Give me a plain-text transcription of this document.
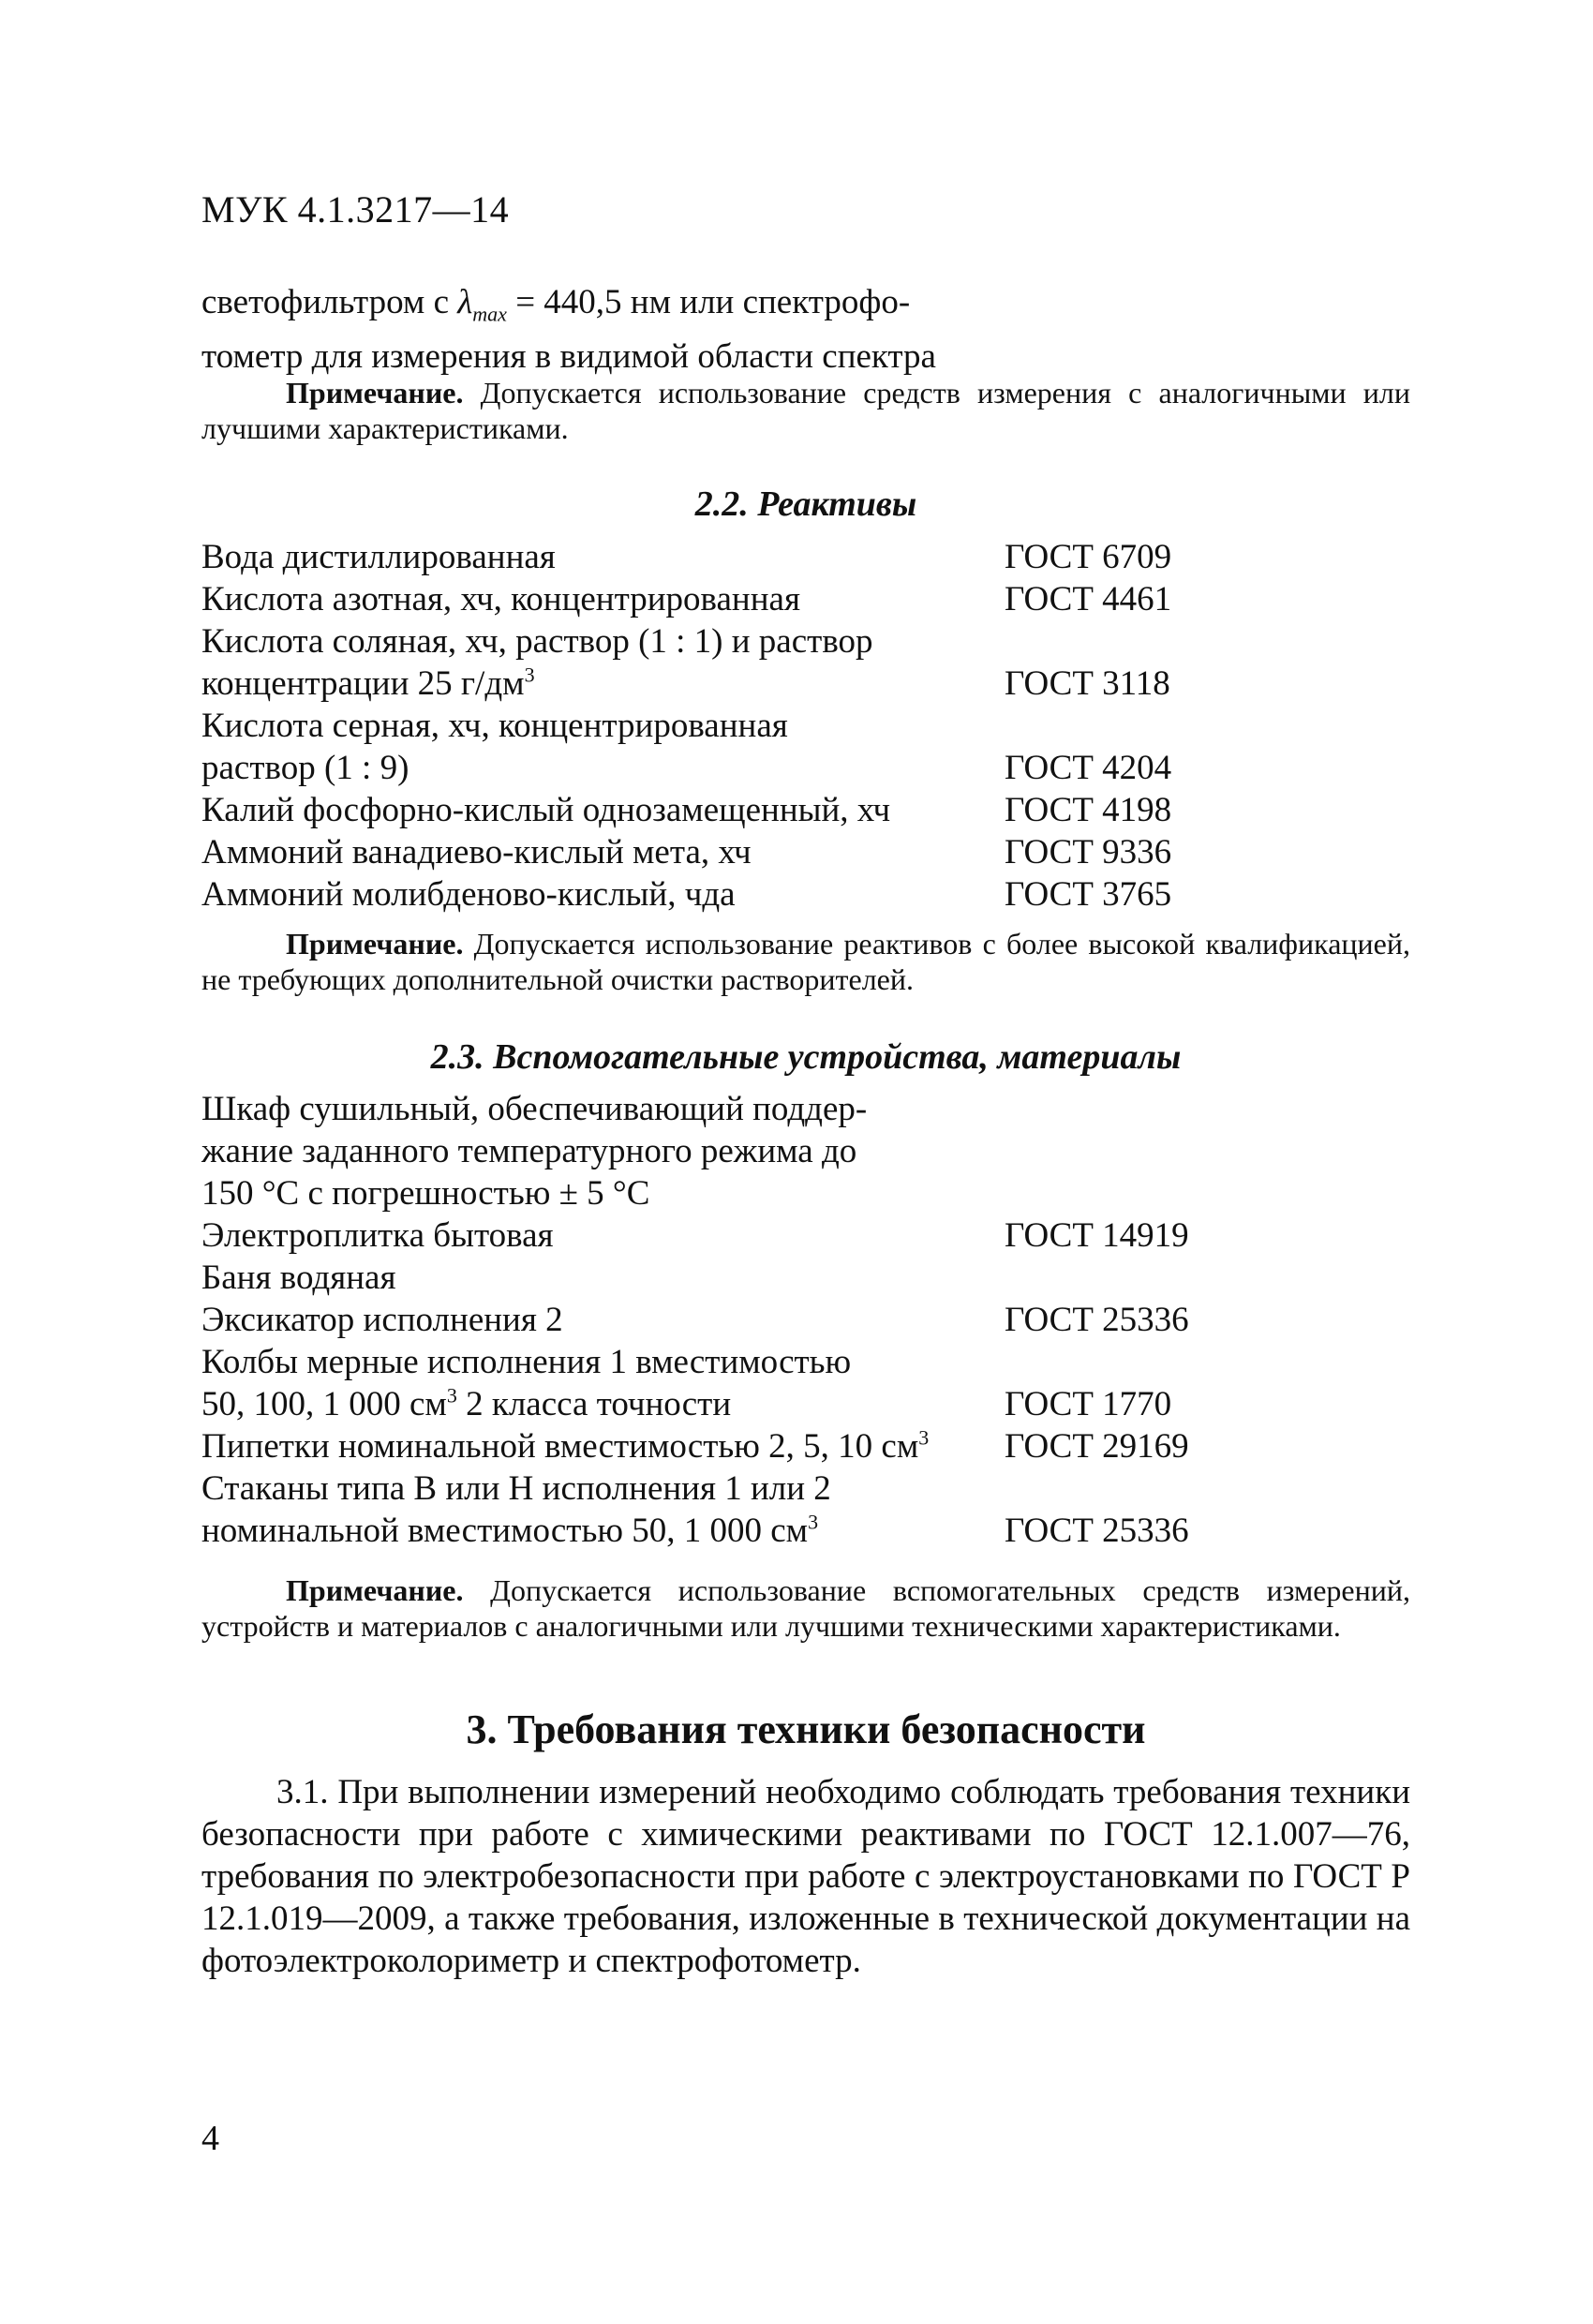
МУК 4.1.3217—14
светофильтром с $\lambda_{max} = 440,5$ нм или спектрофо-
тометр для измерения в видимой области спектра
Примечание. Допускается использование средств измерения с аналогичными или лучшими характеристиками.
2.2. Реактивы
Вода дистиллированная	ГОСТ 6709
Кислота азотная, хч, концентрированная	ГОСТ 4461
Кислота соляная, хч, раствор (1 : 1) и раствор
концентрации 25 $г/дм^3$	ГОСТ 3118
Кислота серная, хч, концентрированная
раствор (1 : 9)	ГОСТ 4204
Калий фосфорно-кислый однозамещенный, хч	ГОСТ 4198
Аммоний ванадиево-кислый мета, хч	ГОСТ 9336
Аммоний молибденово-кислый, чда	ГОСТ 3765
Примечание. Допускается использование реактивов с более высокой квалификацией, не требующих дополнительной очистки растворителей.
2.3. Вспомогательные устройства, материалы
Шкаф сушильный, обеспечивающий поддер-
жание заданного температурного режима до
150 °С с погрешностью ± 5 °С
Электроплитка бытовая	ГОСТ 14919
Баня водяная
Эксикатор исполнения 2	ГОСТ 25336
Колбы мерные исполнения 1 вместимостью
50, 100, 1 000 $см^3$ 2 класса точности	ГОСТ 1770
Пипетки номинальной вместимостью 2, 5, 10 $см^3$	ГОСТ 29169
Стаканы типа В или Н исполнения 1 или 2
номинальной вместимостью 50, 1 000 $см^3$	ГОСТ 25336
Примечание. Допускается использование вспомогательных средств измерений, устройств и материалов с аналогичными или лучшими техническими характеристиками.
3. Требования техники безопасности
3.1. При выполнении измерений необходимо соблюдать требования техники безопасности при работе с химическими реактивами по ГОСТ 12.1.007—76, требования по электробезопасности при работе с электроустановками по ГОСТ Р 12.1.019—2009, а также требования, изложенные в технической документации на фотоэлектроколориметр и спектрофотометр.
4
